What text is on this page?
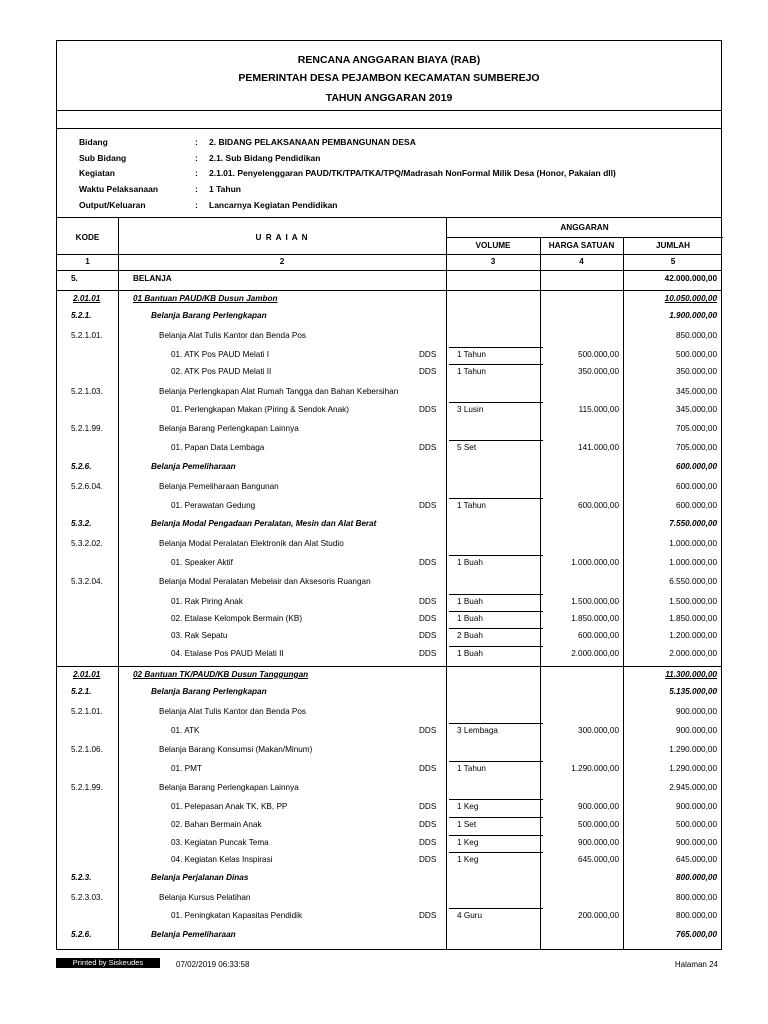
RENCANA ANGGARAN BIAYA (RAB)
PEMERINTAH DESA PEJAMBON KECAMATAN SUMBEREJO
TAHUN ANGGARAN 2019
Bidang	: 2. BIDANG PELAKSANAAN PEMBANGUNAN DESA
Sub Bidang	: 2.1. Sub Bidang Pendidikan
Kegiatan	: 2.1.01. Penyelenggaran PAUD/TK/TPA/TKA/TPQ/Madrasah NonFormal Milik Desa (Honor, Pakaian dll)
Waktu Pelaksanaan	: 1 Tahun
Output/Keluaran	: Lancarnya Kegiatan Pendidikan
KODE	U R A I A N
ANGGARAN
VOLUME	HARGA SATUAN	JUMLAH
1	2	3	4	5
5.	BELANJA	42.000.000,00
2.01.01	01 Bantuan PAUD/KB Dusun Jambon	10.050.000,00
5.2.1.	Belanja Barang Perlengkapan	1.900.000,00
5.2.1.01.	Belanja Alat Tulis Kantor dan Benda Pos	850.000,00
01. ATK Pos PAUD Melati I	DDS	1 Tahun	500.000,00	500.000,00
02. ATK Pos PAUD Melati II	DDS	1 Tahun	350.000,00	350.000,00
5.2.1.03.	Belanja Perlengkapan Alat Rumah Tangga dan Bahan Kebersihan	345.000,00
01. Perlengkapan Makan (Piring & Sendok Anak)	DDS	3 Lusin	115.000,00	345.000,00
5.2.1.99.	Belanja Barang Perlengkapan Lainnya	705.000,00
01. Papan Data Lembaga	DDS	5 Set	141.000,00	705.000,00
5.2.6.	Belanja Pemeliharaan	600.000,00
5.2.6.04.	Belanja Pemeliharaan Bangunan	600.000,00
01. Perawatan Gedung	DDS	1 Tahun	600.000,00	600.000,00
5.3.2.	Belanja Modal Pengadaan Peralatan, Mesin dan Alat Berat	7.550.000,00
5.3.2.02.	Belanja Modal Peralatan Elektronik dan Alat Studio	1.000.000,00
01. Speaker Aktif	DDS	1 Buah	1.000.000,00	1.000.000,00
5.3.2.04.	Belanja Modal Peralatan Mebelair dan Aksesoris Ruangan	6.550.000,00
01. Rak Piring Anak	DDS	1 Buah	1.500.000,00	1.500.000,00
02. Etalase Kelompok Bermain (KB)	DDS	1 Buah	1.850.000,00	1.850.000,00
03. Rak Sepatu	DDS	2 Buah	600.000,00	1.200.000,00
04. Etalase Pos PAUD Melati II	DDS	1 Buah	2.000.000,00	2.000.000,00
2.01.01	02 Bantuan TK/PAUD/KB Dusun Tanggungan	11.300.000,00
5.2.1.	Belanja Barang Perlengkapan	5.135.000,00
5.2.1.01.	Belanja Alat Tulis Kantor dan Benda Pos	900.000,00
01. ATK	DDS	3 Lembaga	300.000,00	900.000,00
5.2.1.06.	Belanja Barang Konsumsi (Makan/Minum)	1.290.000,00
01. PMT	DDS	1 Tahun	1.290.000,00	1.290.000,00
5.2.1.99.	Belanja Barang Perlengkapan Lainnya	2.945.000,00
01. Pelepasan Anak TK, KB, PP	DDS	1 Keg	900.000,00	900.000,00
02. Bahan Bermain Anak	DDS	1 Set	500.000,00	500.000,00
03. Kegiatan Puncak Tema	DDS	1 Keg	900.000,00	900.000,00
04. Kegiatan Kelas Inspirasi	DDS	1 Keg	645.000,00	645.000,00
5.2.3.	Belanja Perjalanan Dinas	800.000,00
5.2.3.03.	Belanja Kursus Pelatihan	800.000,00
01. Peningkatan Kapasitas Pendidik	DDS	4 Guru	200.000,00	800.000,00
5.2.6.	Belanja Pemeliharaan	765.000,00
Printed by Siskeudes	07/02/2019 06:33:58	Halaman 24
